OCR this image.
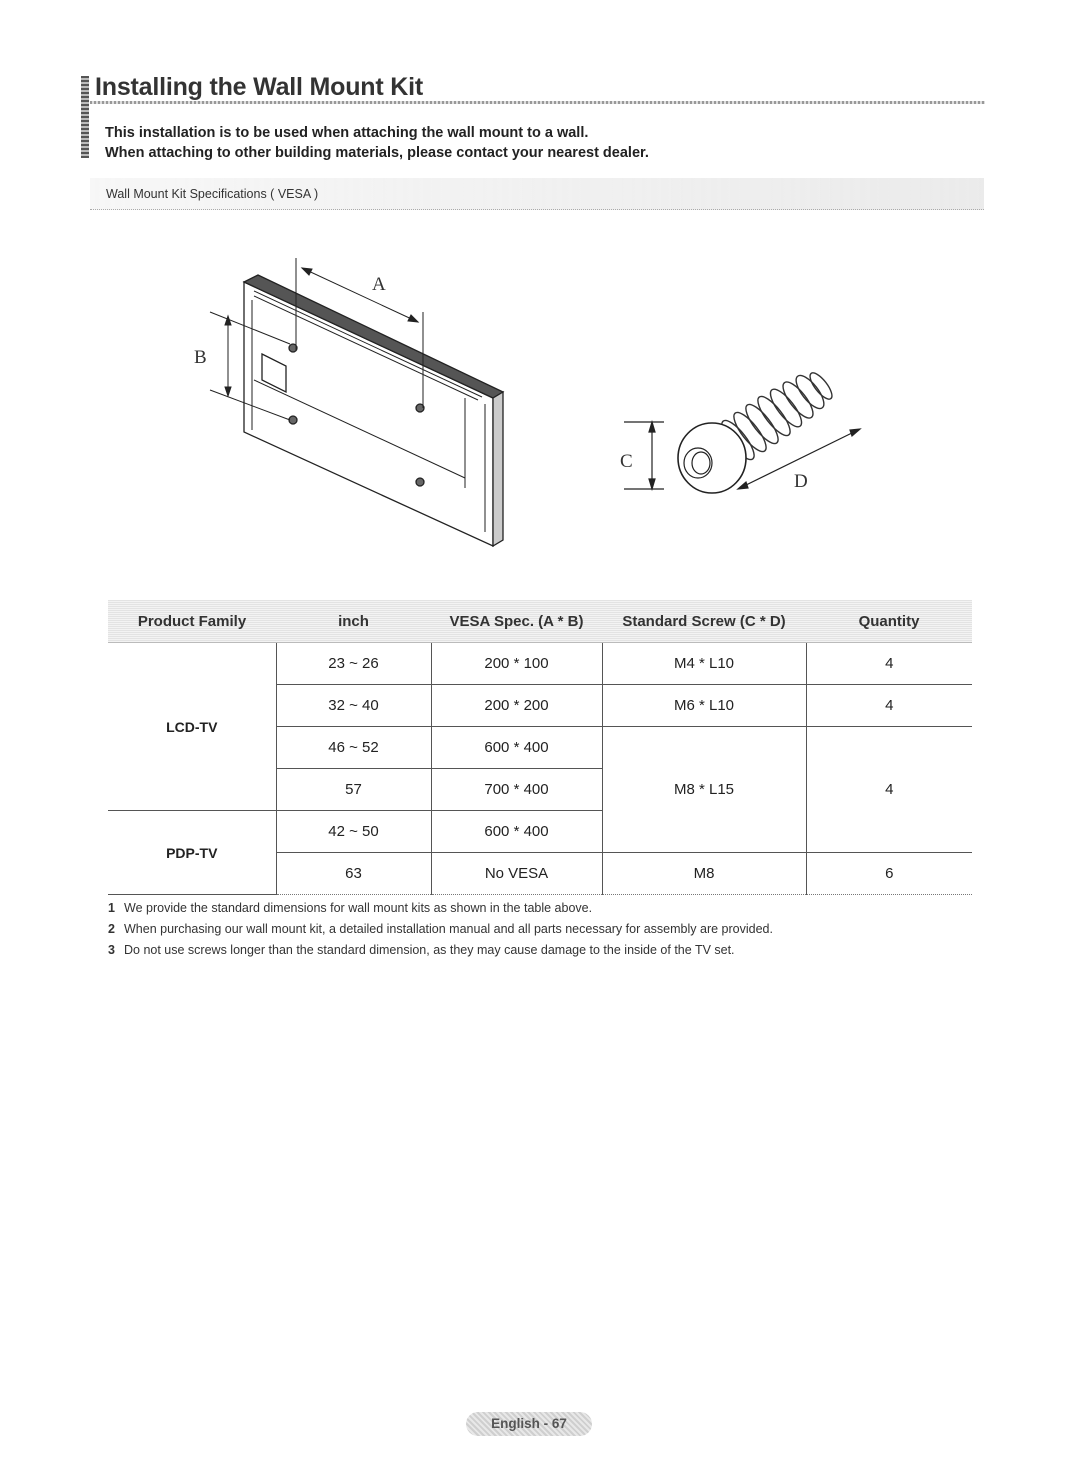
Installing the Wall Mount Kit
This installation is to be used when attaching the wall mount to a wall.
When attaching to other building materials, please contact your nearest dealer.
Wall Mount Kit Specifications ( VESA )
A
B
C
D
Product Family	inch	VESA Spec. (A * B)	Standard Screw (C * D)	Quantity
LCD-TV	23 ~ 26	200 * 100	M4 * L10	4
	32 ~ 40	200 * 200	M6 * L10	4
	46 ~ 52	600 * 400	M8 * L15	4
	57	700 * 400		
PDP-TV	42 ~ 50	600 * 400		
	63	No VESA	M8	6
1 We provide the standard dimensions for wall mount kits as shown in the table above.
2 When purchasing our wall mount kit, a detailed installation manual and all parts necessary for assembly are provided.
3 Do not use screws longer than the standard dimension, as they may cause damage to the inside of the TV set.
English - 67
